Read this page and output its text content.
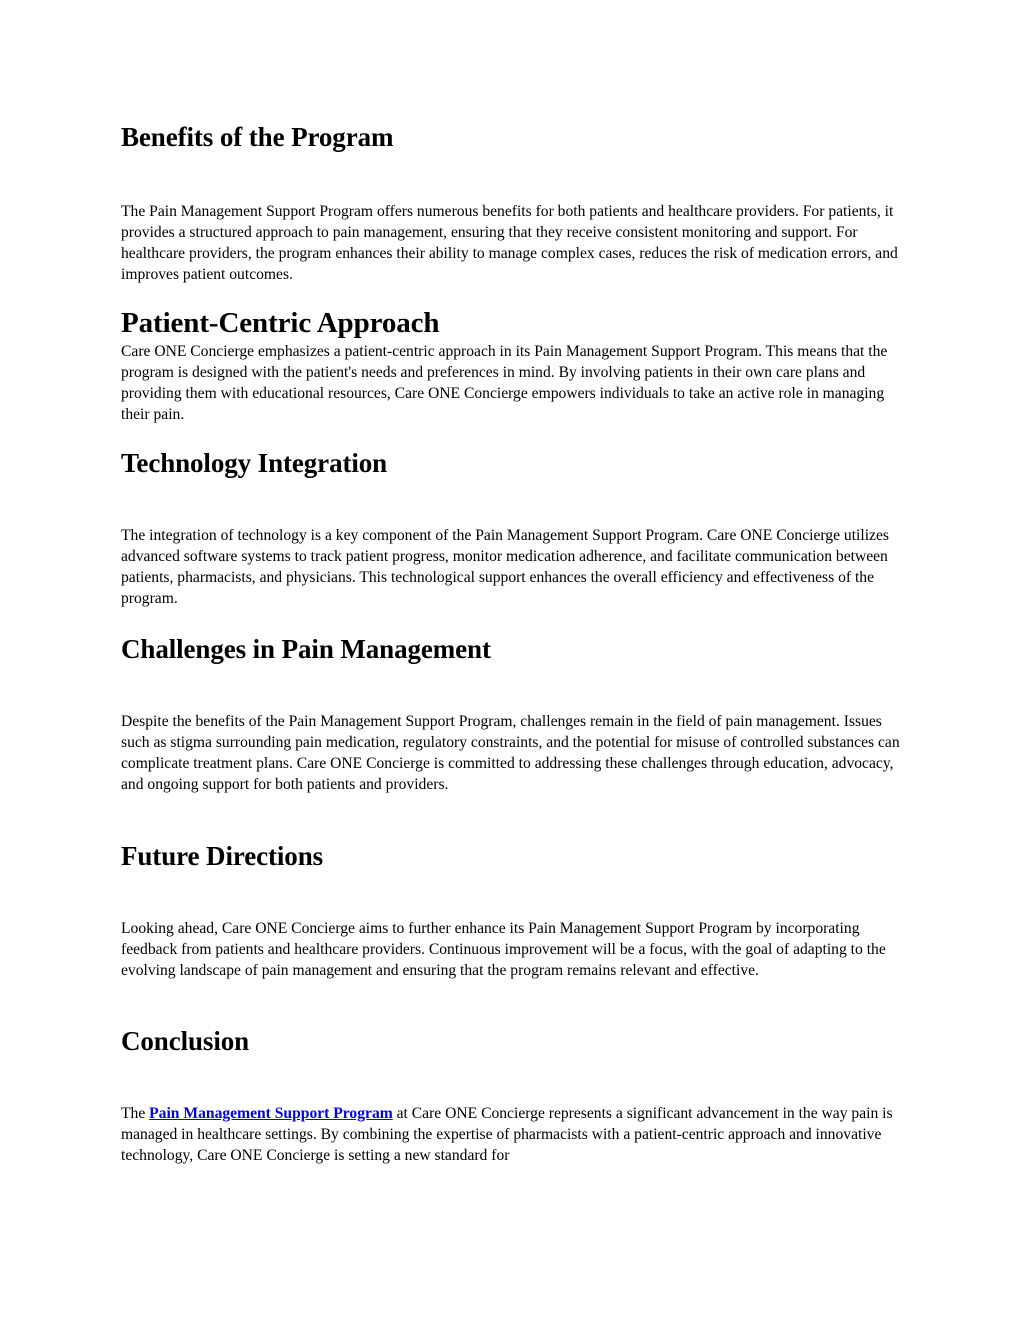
Benefits of the Program

The Pain Management Support Program offers numerous benefits for both patients and healthcare providers. For patients, it provides a structured approach to pain management, ensuring that they receive consistent monitoring and support. For healthcare providers, the program enhances their ability to manage complex cases, reduces the risk of medication errors, and improves patient outcomes.

Patient-Centric Approach

Care ONE Concierge emphasizes a patient-centric approach in its Pain Management Support Program. This means that the program is designed with the patient's needs and preferences in mind. By involving patients in their own care plans and providing them with educational resources, Care ONE Concierge empowers individuals to take an active role in managing their pain.

Technology Integration

The integration of technology is a key component of the Pain Management Support Program. Care ONE Concierge utilizes advanced software systems to track patient progress, monitor medication adherence, and facilitate communication between patients, pharmacists, and physicians. This technological support enhances the overall efficiency and effectiveness of the program.

Challenges in Pain Management

Despite the benefits of the Pain Management Support Program, challenges remain in the field of pain management. Issues such as stigma surrounding pain medication, regulatory constraints, and the potential for misuse of controlled substances can complicate treatment plans. Care ONE Concierge is committed to addressing these challenges through education, advocacy, and ongoing support for both patients and providers.

Future Directions

Looking ahead, Care ONE Concierge aims to further enhance its Pain Management Support Program by incorporating feedback from patients and healthcare providers. Continuous improvement will be a focus, with the goal of adapting to the evolving landscape of pain management and ensuring that the program remains relevant and effective.

Conclusion

The Pain Management Support Program at Care ONE Concierge represents a significant advancement in the way pain is managed in healthcare settings. By combining the expertise of pharmacists with a patient-centric approach and innovative technology, Care ONE Concierge is setting a new standard for
